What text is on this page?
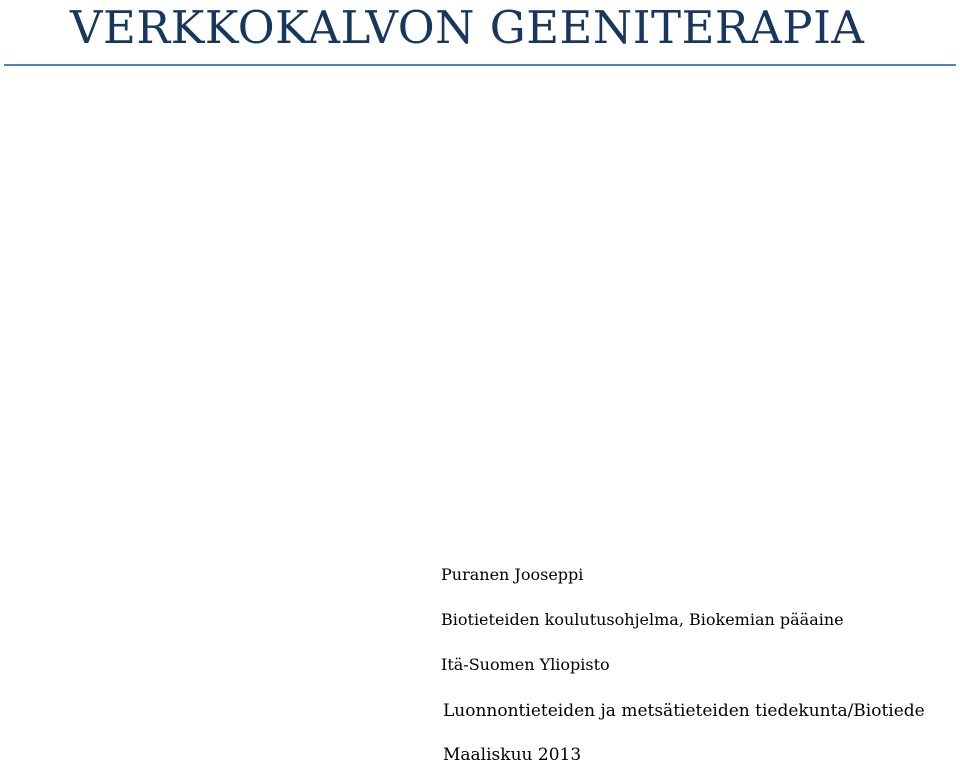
VERKKOKALVON GEENITERAPIA
Puranen Jooseppi
Biotieteiden koulutusohjelma, Biokemian pääaine
Itä-Suomen Yliopisto
Luonnontieteiden ja metsätieteiden tiedekunta/Biotiede
Maaliskuu 2013
